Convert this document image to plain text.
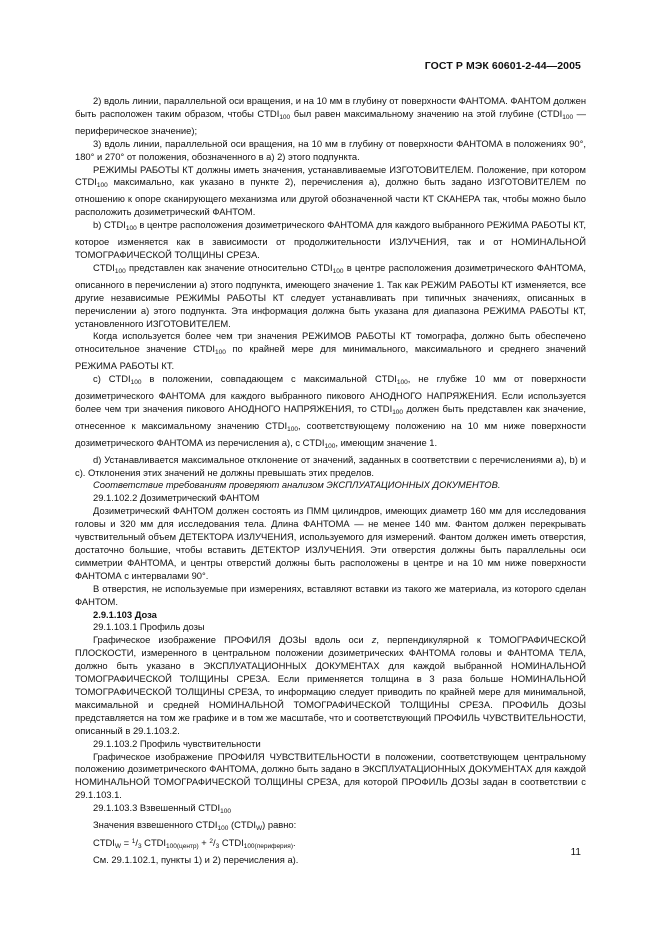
ГОСТ Р МЭК 60601-2-44—2005

2) вдоль линии, параллельной оси вращения, и на 10 мм в глубину от поверхности ФАНТОМА. ФАНТОМ должен быть расположен таким образом, чтобы $CTDI_{100}$ был равен максимальному значению на этой глубине ($CTDI_{100}$ — периферическое значение);

3) вдоль линии, параллельной оси вращения, на 10 мм в глубину от поверхности ФАНТОМА в положениях 90°, 180° и 270° от положения, обозначенного в а) 2) этого подпункта.

РЕЖИМЫ РАБОТЫ КТ должны иметь значения, устанавливаемые ИЗГОТОВИТЕЛЕМ. Положение, при котором $CTDI_{100}$ максимально, как указано в пункте 2), перечисления а), должно быть задано ИЗГОТОВИТЕЛЕМ по отношению к опоре сканирующего механизма или другой обозначенной части КТ СКАНЕРА так, чтобы можно было расположить дозиметрический ФАНТОМ.

b) $CTDI_{100}$ в центре расположения дозиметрического ФАНТОМА для каждого выбранного РЕЖИМА РАБОТЫ КТ, которое изменяется как в зависимости от продолжительности ИЗЛУЧЕНИЯ, так и от НОМИНАЛЬНОЙ ТОМОГРАФИЧЕСКОЙ ТОЛЩИНЫ СРЕЗА.

$CTDI_{100}$ представлен как значение относительно $CTDI_{100}$ в центре расположения дозиметрического ФАНТОМА, описанного в перечислении а) этого подпункта, имеющего значение 1. Так как РЕЖИМ РАБОТЫ КТ изменяется, все другие независимые РЕЖИМЫ РАБОТЫ КТ следует устанавливать при типичных значениях, описанных в перечислении а) этого подпункта. Эта информация должна быть указана для диапазона РЕЖИМА РАБОТЫ КТ, установленного ИЗГОТОВИТЕЛЕМ.

Когда используется более чем три значения РЕЖИМОВ РАБОТЫ КТ томографа, должно быть обеспечено относительное значение $CTDI_{100}$ по крайней мере для минимального, максимального и среднего значений РЕЖИМА РАБОТЫ КТ.

с) $CTDI_{100}$ в положении, совпадающем с максимальной $CTDI_{100}$, не глубже 10 мм от поверхности дозиметрического ФАНТОМА для каждого выбранного пикового АНОДНОГО НАПРЯЖЕНИЯ. Если используется более чем три значения пикового АНОДНОГО НАПРЯЖЕНИЯ, то $CTDI_{100}$ должен быть представлен как значение, отнесенное к максимальному значению $CTDI_{100}$, соответствующему положению на 10 мм ниже поверхности дозиметрического ФАНТОМА из перечисления а), с $CTDI_{100}$, имеющим значение 1.

d) Устанавливается максимальное отклонение от значений, заданных в соответствии с перечислениями а), b) и с). Отклонения этих значений не должны превышать этих пределов.

Соответствие требованиям проверяют анализом ЭКСПЛУАТАЦИОННЫХ ДОКУМЕНТОВ.

29.1.102.2 Дозиметрический ФАНТОМ

Дозиметрический ФАНТОМ должен состоять из ПММ цилиндров, имеющих диаметр 160 мм для исследования головы и 320 мм для исследования тела. Длина ФАНТОМА — не менее 140 мм. Фантом должен перекрывать чувствительный объем ДЕТЕКТОРА ИЗЛУЧЕНИЯ, используемого для измерений. Фантом должен иметь отверстия, достаточно большие, чтобы вставить ДЕТЕКТОР ИЗЛУЧЕНИЯ. Эти отверстия должны быть параллельны оси симметрии ФАНТОМА, и центры отверстий должны быть расположены в центре и на 10 мм ниже поверхности ФАНТОМА с интервалами 90°.

В отверстия, не используемые при измерениях, вставляют вставки из такого же материала, из которого сделан ФАНТОМ.

2.9.1.103 Доза

29.1.103.1 Профиль дозы

Графическое изображение ПРОФИЛЯ ДОЗЫ вдоль оси z, перпендикулярной к ТОМОГРАФИЧЕСКОЙ ПЛОСКОСТИ, измеренного в центральном положении дозиметрических ФАНТОМА головы и ФАНТОМА ТЕЛА, должно быть указано в ЭКСПЛУАТАЦИОННЫХ ДОКУМЕНТАХ для каждой выбранной НОМИНАЛЬНОЙ ТОМОГРАФИЧЕСКОЙ ТОЛЩИНЫ СРЕЗА. Если применяется толщина в 3 раза больше НОМИНАЛЬНОЙ ТОМОГРАФИЧЕСКОЙ ТОЛЩИНЫ СРЕЗА, то информацию следует приводить по крайней мере для минимальной, максимальной и средней НОМИНАЛЬНОЙ ТОМОГРАФИЧЕСКОЙ ТОЛЩИНЫ СРЕЗА. ПРОФИЛЬ ДОЗЫ представляется на том же графике и в том же масштабе, что и соответствующий ПРОФИЛЬ ЧУВСТВИТЕЛЬНОСТИ, описанный в 29.1.103.2.

29.1.103.2 Профиль чувствительности

Графическое изображение ПРОФИЛЯ ЧУВСТВИТЕЛЬНОСТИ в положении, соответствующем центральному положению дозиметрического ФАНТОМА, должно быть задано в ЭКСПЛУАТАЦИОННЫХ ДОКУМЕНТАХ для каждой НОМИНАЛЬНОЙ ТОМОГРАФИЧЕСКОЙ ТОЛЩИНЫ СРЕЗА, для которой ПРОФИЛЬ ДОЗЫ задан в соответствии с 29.1.103.1.

29.1.103.3 Взвешенный $CTDI_{100}$

Значения взвешенного $CTDI_{100}$ $(CTDI_W)$ равно:

$CTDI_W = ^1/_3$ $CTDI_{100(центр)} + ^2/_3$ $CTDI_{100(периферия)}$.

См. 29.1.102.1, пункты 1) и 2) перечисления а).

11
